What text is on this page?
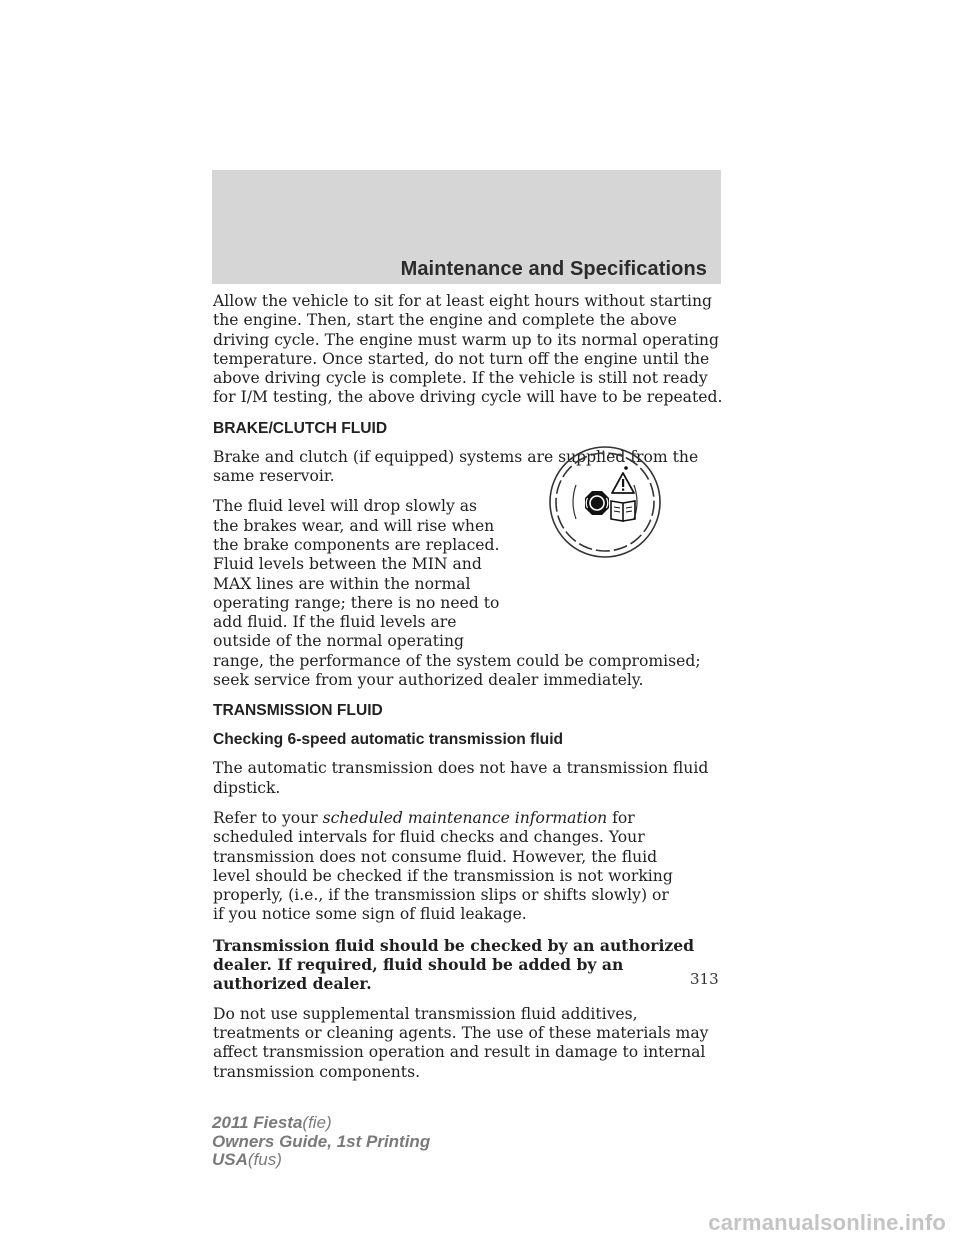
Maintenance and Specifications

Allow the vehicle to sit for at least eight hours without starting the engine. Then, start the engine and complete the above driving cycle. The engine must warm up to its normal operating temperature. Once started, do not turn off the engine until the above driving cycle is complete. If the vehicle is still not ready for I/M testing, the above driving cycle will have to be repeated.

BRAKE/CLUTCH FLUID

Brake and clutch (if equipped) systems are supplied from the same reservoir.

The fluid level will drop slowly as
the brakes wear, and will rise when
the brake components are replaced.
Fluid levels between the MIN and
MAX lines are within the normal
operating range; there is no need to
add fluid. If the fluid levels are
outside of the normal operating
range, the performance of the system could be compromised; seek service from your authorized dealer immediately.

TRANSMISSION FLUID
Checking 6-speed automatic transmission fluid

The automatic transmission does not have a transmission fluid dipstick.

Refer to your scheduled maintenance information for scheduled intervals for fluid checks and changes. Your transmission does not consume fluid. However, the fluid level should be checked if the transmission is not working properly, (i.e., if the transmission slips or shifts slowly) or if you notice some sign of fluid leakage.

Transmission fluid should be checked by an authorized dealer. If required, fluid should be added by an authorized dealer.

Do not use supplemental transmission fluid additives, treatments or cleaning agents. The use of these materials may affect transmission operation and result in damage to internal transmission components.

313
2011 Fiesta(fie)
Owners Guide, 1st Printing
USA(fus)
carmanualsonline.info
